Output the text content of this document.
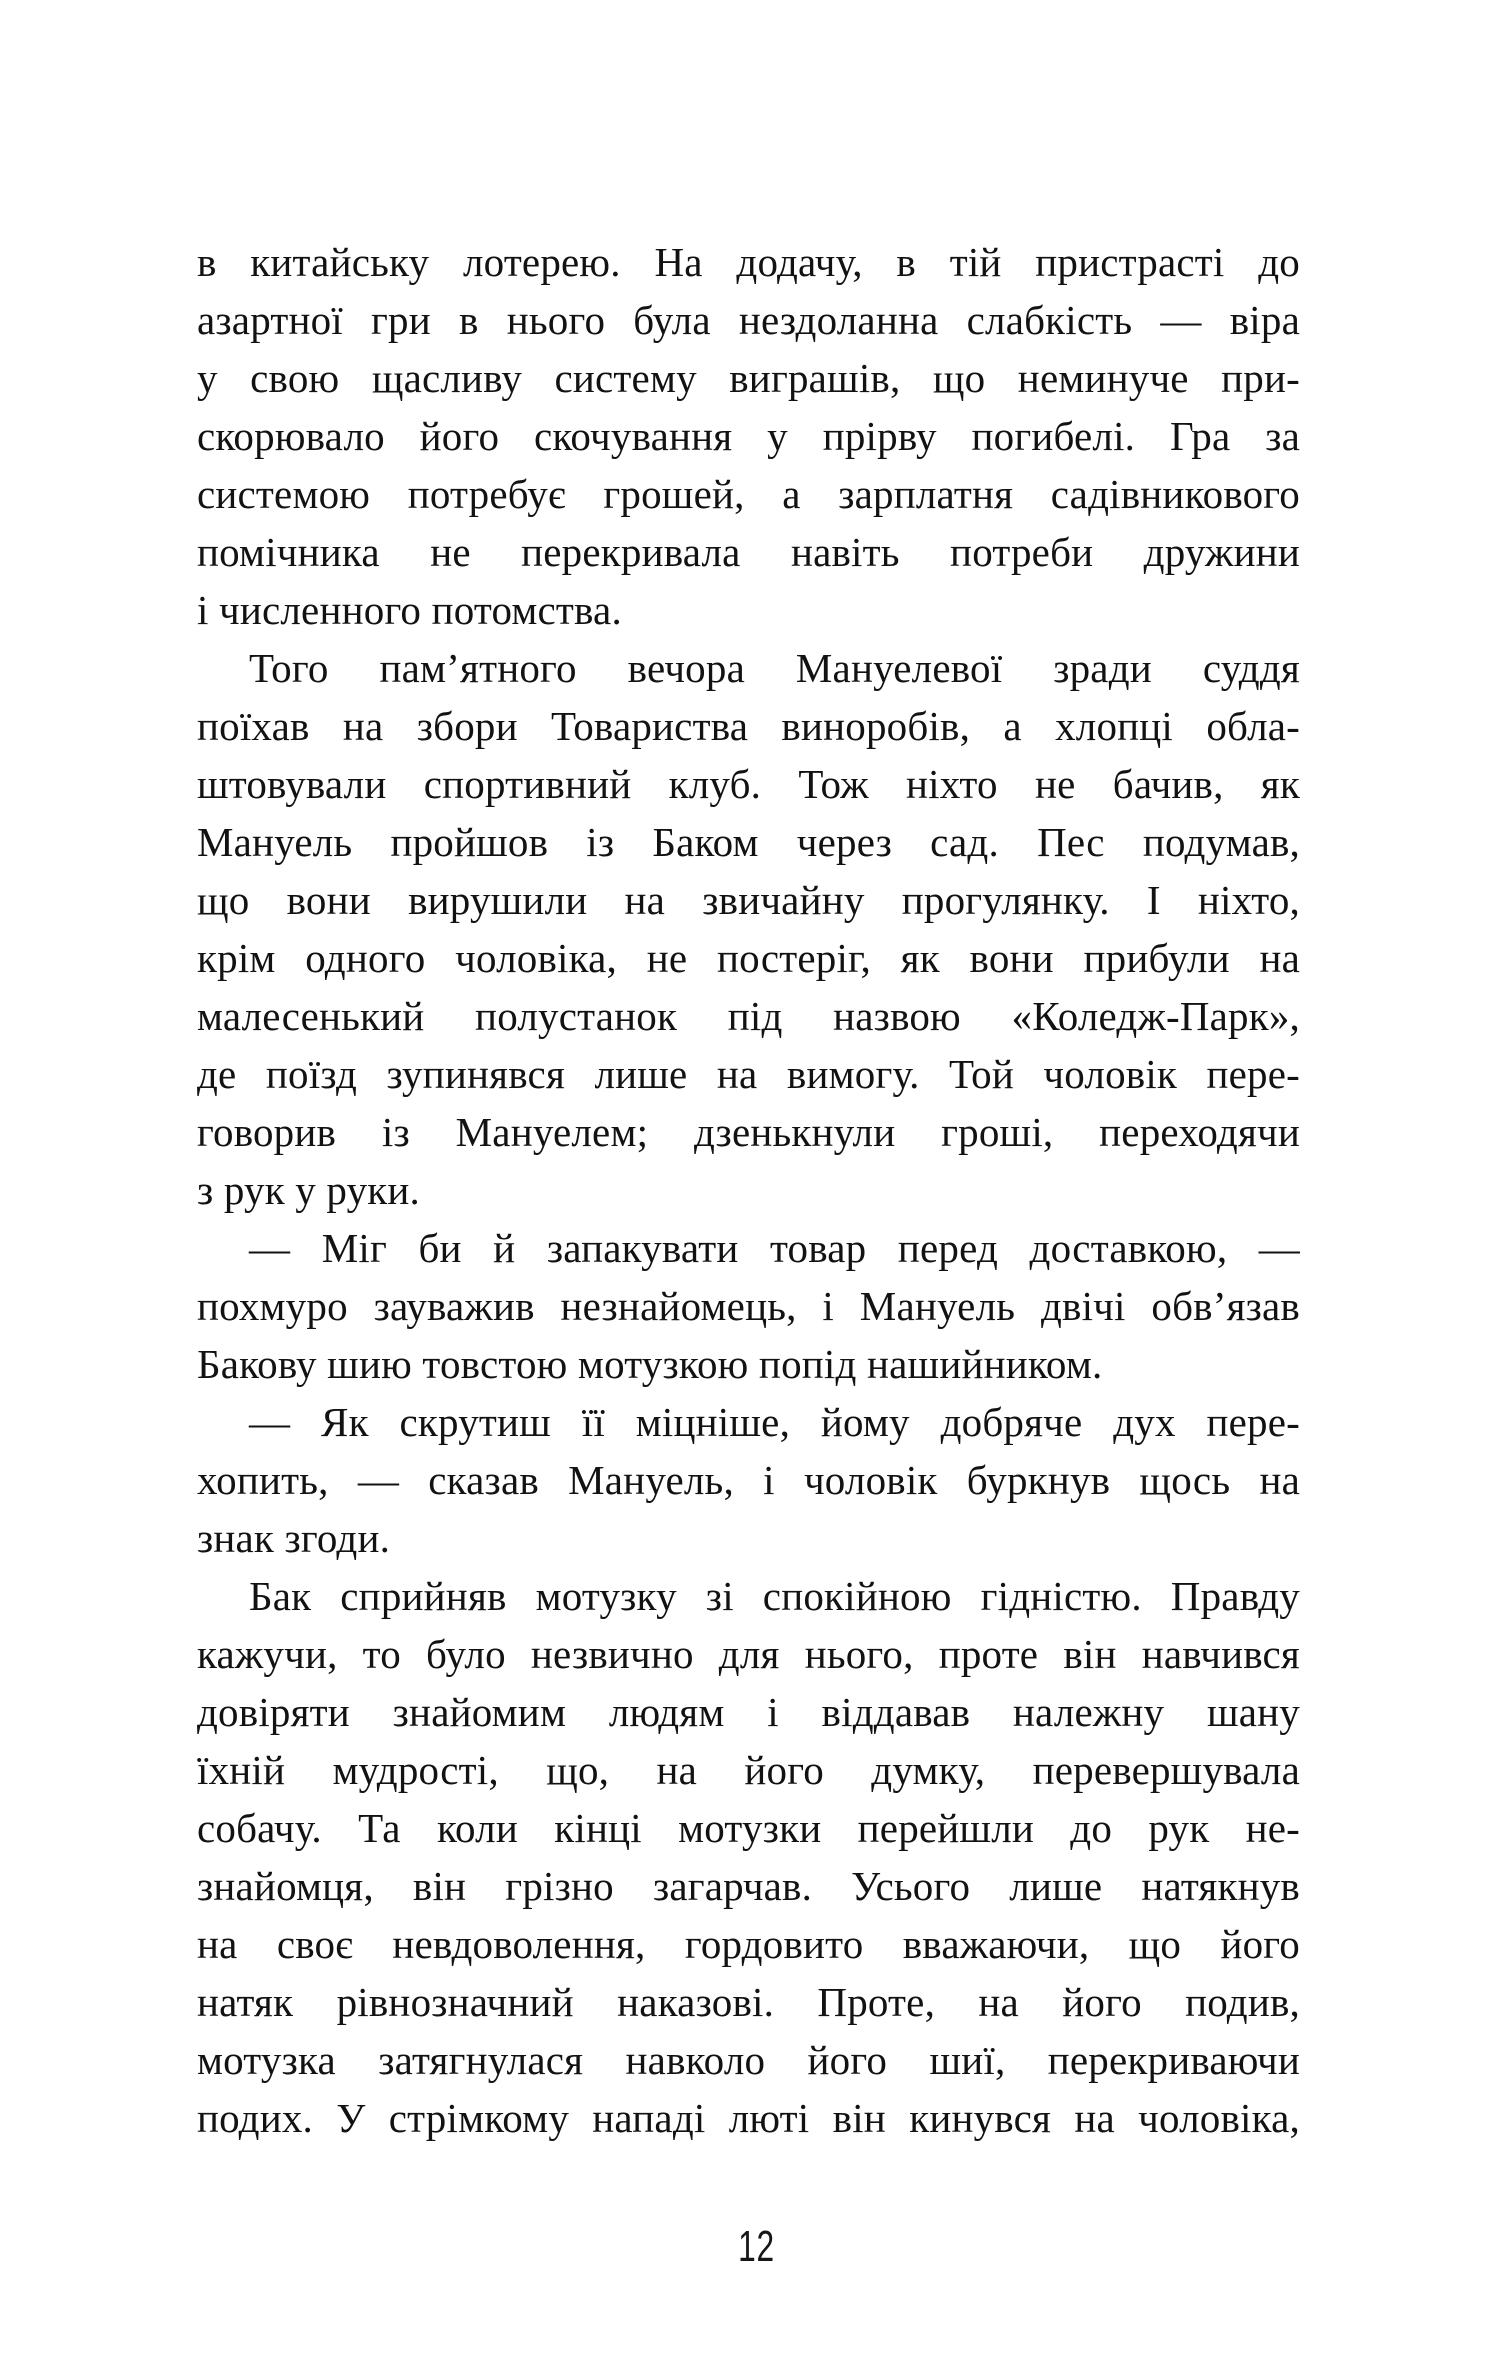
в китайську лотерею. На додачу, в тій пристрасті до
азартної гри в нього була нездоланна слабкість — віра
у свою щасливу систему виграшів, що неминуче при-
скорювало його скочування у прірву погибелі. Гра за
системою потребує грошей, а зарплатня садівникового
помічника не перекривала навіть потреби дружини
і численного потомства.
Того пам’ятного вечора Мануелевої зради суддя
поїхав на збори Товариства виноробів, а хлопці обла-
штовували спортивний клуб. Тож ніхто не бачив, як
Мануель пройшов із Баком через сад. Пес подумав,
що вони вирушили на звичайну прогулянку. І ніхто,
крім одного чоловіка, не постеріг, як вони прибули на
малесенький полустанок під назвою «Коледж-Парк»,
де поїзд зупинявся лише на вимогу. Той чоловік пере-
говорив із Мануелем; дзенькнули гроші, переходячи
з рук у руки.
— Міг би й запакувати товар перед доставкою, —
похмуро зауважив незнайомець, і Мануель двічі обв’язав
Бакову шию товстою мотузкою попід нашийником.
— Як скрутиш її міцніше, йому добряче дух пере-
хопить, — сказав Мануель, і чоловік буркнув щось на
знак згоди.
Бак сприйняв мотузку зі спокійною гідністю. Правду
кажучи, то було незвично для нього, проте він навчився
довіряти знайомим людям і віддавав належну шану
їхній мудрості, що, на його думку, перевершувала
собачу. Та коли кінці мотузки перейшли до рук не-
знайомця, він грізно загарчав. Усього лише натякнув
на своє невдоволення, гордовито вважаючи, що його
натяк рівнозначний наказові. Проте, на його подив,
мотузка затягнулася навколо його шиї, перекриваючи
подих. У стрімкому нападі люті він кинувся на чоловіка,
12
